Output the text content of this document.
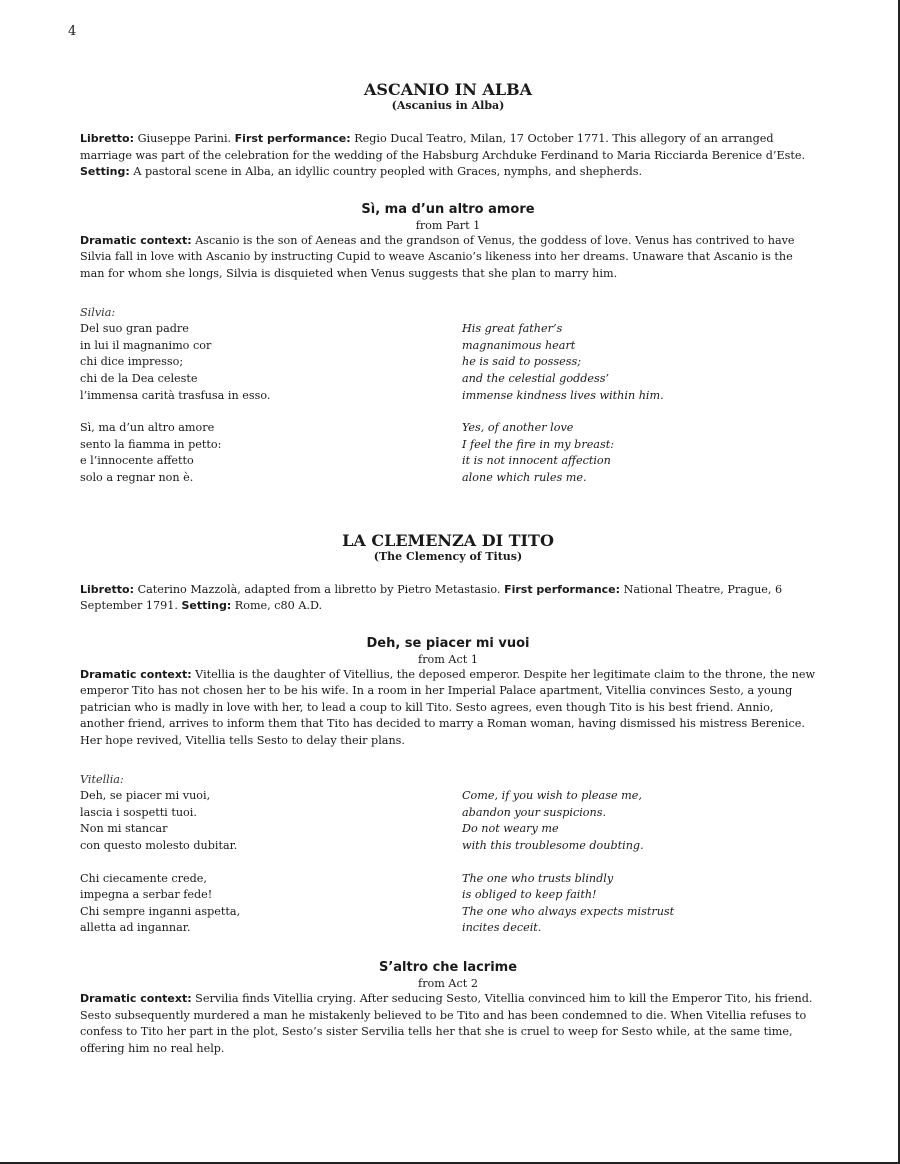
4
ASCANIO IN ALBA
(Ascanius in Alba)

Libretto: Giuseppe Parini. First performance: Regio Ducal Teatro, Milan, 17 October 1771. This allegory of an arranged marriage was part of the celebration for the wedding of the Habsburg Archduke Ferdinand to Maria Ricciarda Berenice d’Este. Setting: A pastoral scene in Alba, an idyllic country peopled with Graces, nymphs, and shepherds.

Sì, ma d’un altro amore
from Part 1

Dramatic context: Ascanio is the son of Aeneas and the grandson of Venus, the goddess of love. Venus has contrived to have Silvia fall in love with Ascanio by instructing Cupid to weave Ascanio’s likeness into her dreams. Unaware that Ascanio is the man for whom she longs, Silvia is disquieted when Venus suggests that she plan to marry him.

Silvia:
Del suo gran padre
in lui il magnanimo cor
chi dice impresso;
chi de la Dea celeste
l’immensa carità trasfusa in esso.
His great father’s
magnanimous heart
he is said to possess;
and the celestial goddess’
immense kindness lives within him.
Sì, ma d’un altro amore
sento la fiamma in petto:
e l’innocente affetto
solo a regnar non è.
Yes, of another love
I feel the fire in my breast:
it is not innocent affection
alone which rules me.
LA CLEMENZA DI TITO
(The Clemency of Titus)

Libretto: Caterino Mazzolà, adapted from a libretto by Pietro Metastasio. First performance: National Theatre, Prague, 6 September 1791. Setting: Rome, c80 A.D.

Deh, se piacer mi vuoi
from Act 1

Dramatic context: Vitellia is the daughter of Vitellius, the deposed emperor. Despite her legitimate claim to the throne, the new emperor Tito has not chosen her to be his wife. In a room in her Imperial Palace apartment, Vitellia convinces Sesto, a young patrician who is madly in love with her, to lead a coup to kill Tito. Sesto agrees, even though Tito is his best friend. Annio, another friend, arrives to inform them that Tito has decided to marry a Roman woman, having dismissed his mistress Berenice. Her hope revived, Vitellia tells Sesto to delay their plans.

Vitellia:
Deh, se piacer mi vuoi,
lascia i sospetti tuoi.
Non mi stancar
con questo molesto dubitar.
Come, if you wish to please me,
abandon your suspicions.
Do not weary me
with this troublesome doubting.
Chi ciecamente crede,
impegna a serbar fede!
Chi sempre inganni aspetta,
alletta ad ingannar.
The one who trusts blindly
is obliged to keep faith!
The one who always expects mistrust
incites deceit.
S’altro che lacrime
from Act 2

Dramatic context: Servilia finds Vitellia crying. After seducing Sesto, Vitellia convinced him to kill the Emperor Tito, his friend. Sesto subsequently murdered a man he mistakenly believed to be Tito and has been condemned to die. When Vitellia refuses to confess to Tito her part in the plot, Sesto’s sister Servilia tells her that she is cruel to weep for Sesto while, at the same time, offering him no real help.
